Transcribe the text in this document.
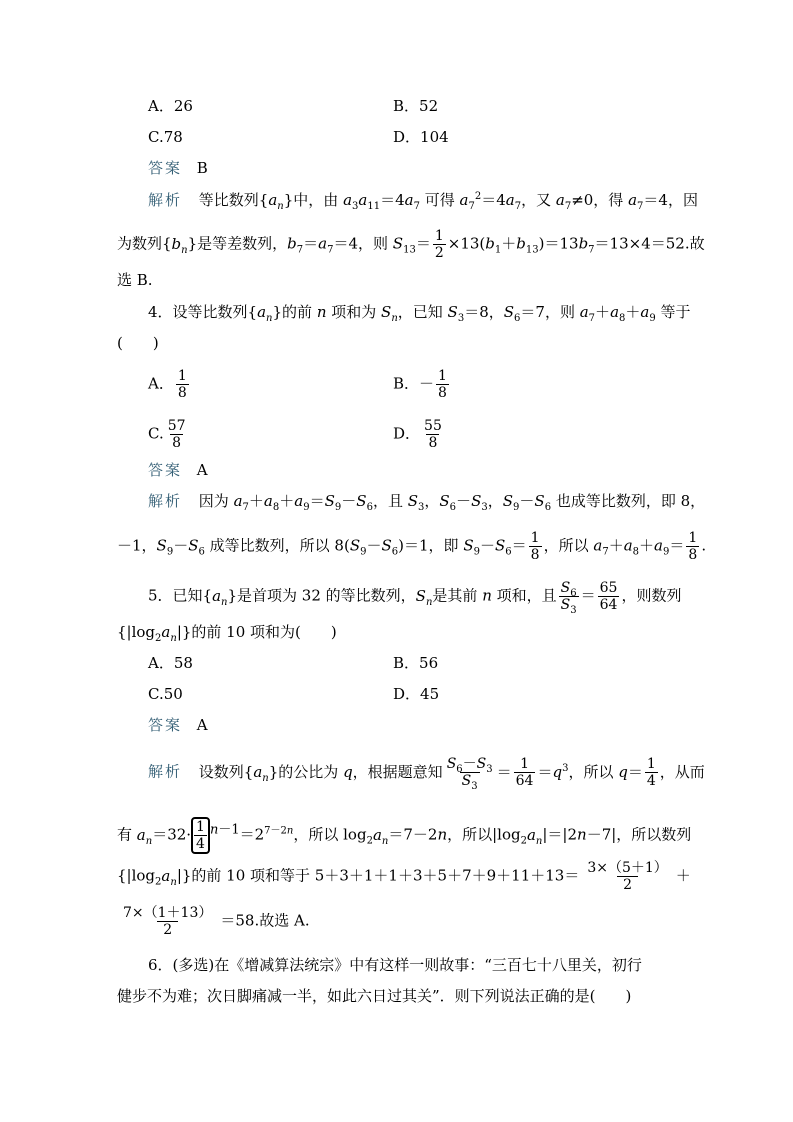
A．26	B．52
C.78	D．104
答案 B
解析 等比数列$\{a_n\}$中，由 $a_3a_{11}=4a_7$ 可得 $a_7^2=4a_7$，又 $a_7\ne 0$，得 $a_7=4$，因
为数列$\{b_n\}$是等差数列，$b_7=a_7=4$，则 $S_{13}= \frac{1}{2} \times 13(b_1+b_{13})=13b_7=13\times 4=52$.故
选 B.
4．设等比数列$\{a_n\}$的前 n 项和为 $S_n$，已知 $S_3=8$，$S_6=7$，则 $a_7+a_8+a_9$ 等于
(　　)
A． $\frac{1}{8}$	B．－ $\frac{1}{8}$
C. $\frac{57}{8}$	D． $\frac{55}{8}$
答案 A
解析 因为 $a_7+a_8+a_9=S_9-S_6$，且 $S_3$，$S_6-S_3$，$S_9-S_6$ 也成等比数列，即 8，
－1，$S_9-S_6$ 成等比数列，所以 $8(S_9-S_6)=1$，即 $S_9-S_6= \frac{1}{8}$ ，所以 $a_7+a_8+a_9= \frac{1}{8}$ .
5．已知$\{a_n\}$是首项为 32 的等比数列，$S_n$是其前 n 项和，且 $\frac{S_6}{S_3} = \frac{65}{64}$ ，则数列
$\{|\log_2a_n|\}$的前 10 项和为(　　)
A．58	B．56
C.50	D．45
答案 A
解析 设数列$\{a_n\}$的公比为 q，根据题意知 $\frac{S_6-S_3}{S_3} = \frac{1}{64} =q^3$，所以 $q= \frac{1}{4}$ ，从而
有 $a_n=32\cdot \frac{1}{4} ^{n-1}=2^{7-2n}$，所以 $\log_2a_n=7-2n$，所以$|\log_2a_n|=|2n-7|$，所以数列
$\{|\log_2a_n|\}$的前 10 项和等于 $5+3+1+1+3+5+7+9+11+13= \frac{3\times(5+1)}{2}$ ＋
$\frac{7\times(1+13)}{2} =58$.故选 A.
6．(多选)在《增减算法统宗》中有这样一则故事：“三百七十八里关，初行
健步不为难；次日脚痛减一半，如此六日过其关”．则下列说法正确的是(　　)
